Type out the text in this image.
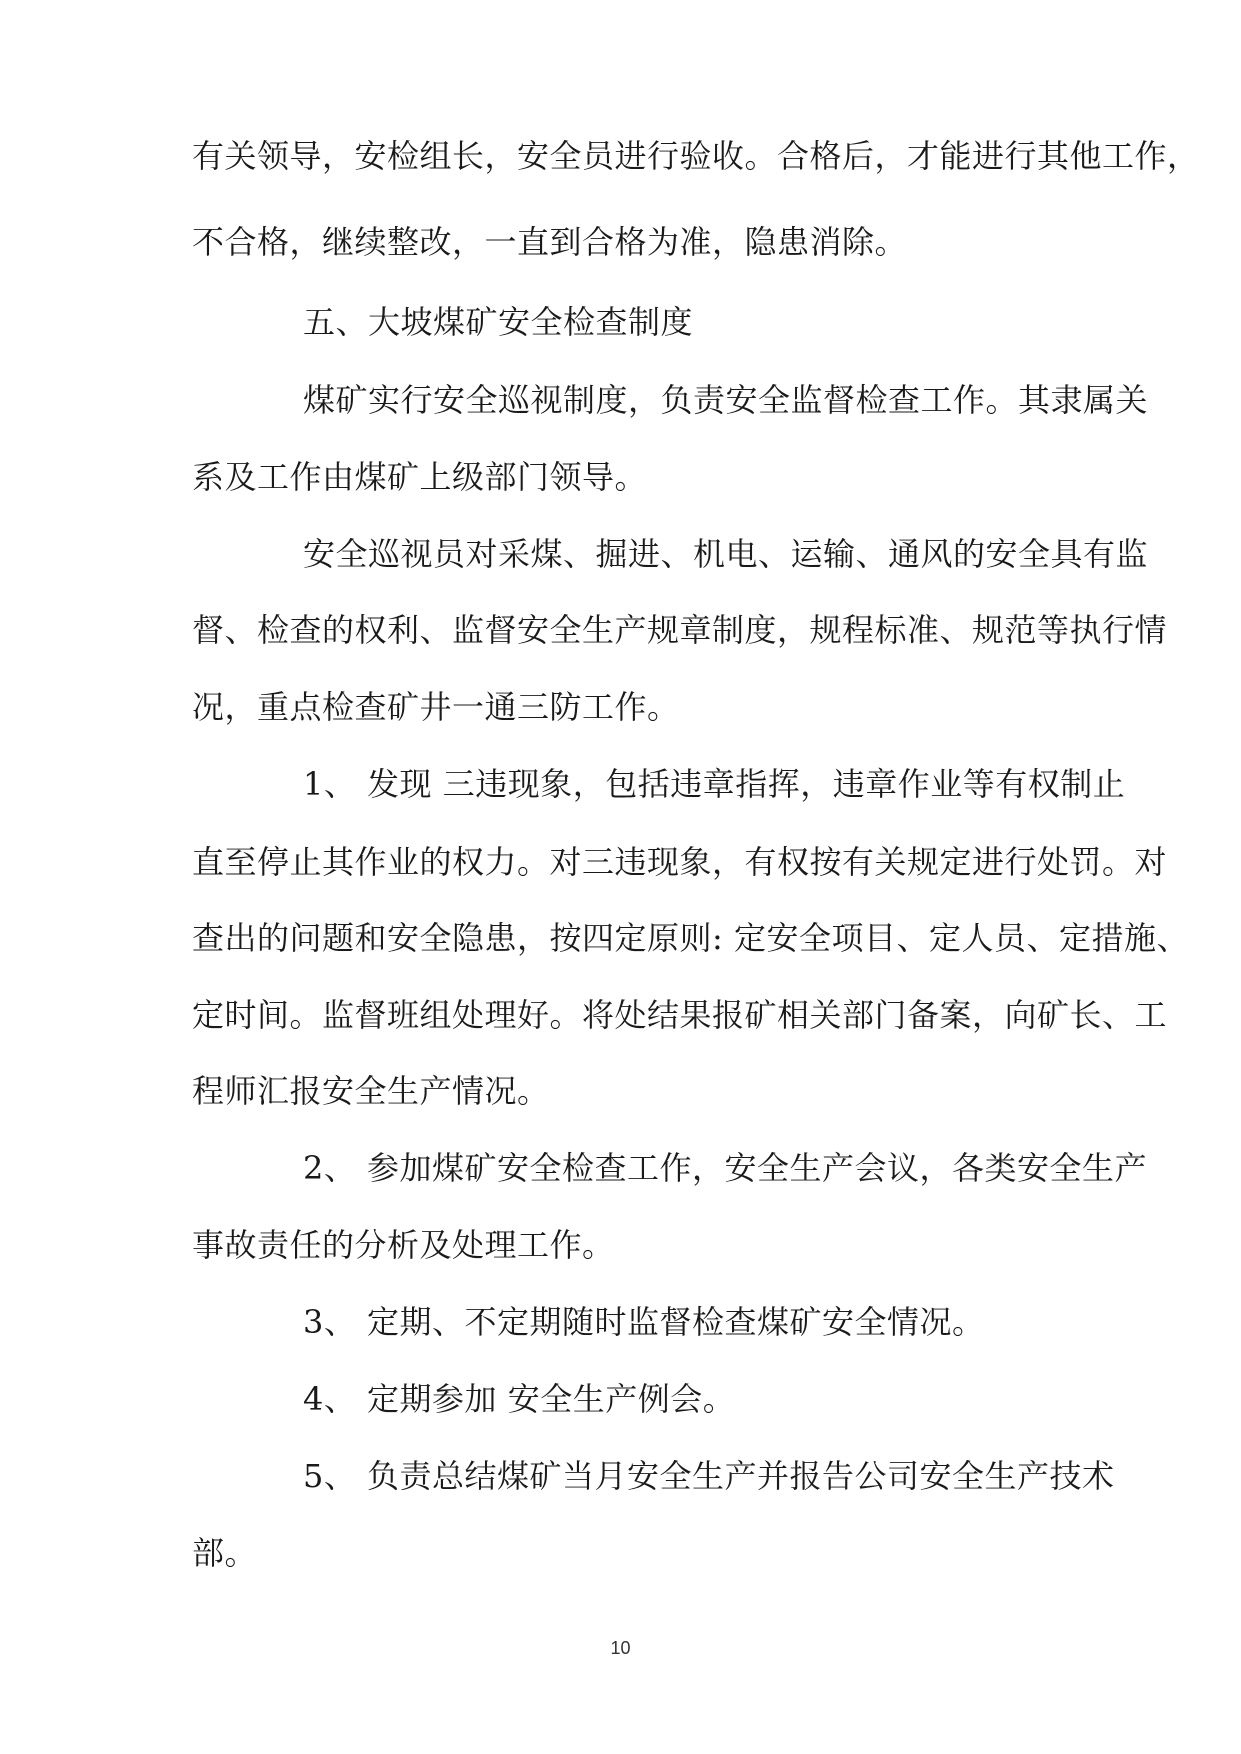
有关领导，安检组长，安全员进行验收。合格后，才能进行其他工作，
不合格，继续整改，一直到合格为准，隐患消除。
五、大坡煤矿安全检查制度
煤矿实行安全巡视制度，负责安全监督检查工作。其隶属关
系及工作由煤矿上级部门领导。
安全巡视员对采煤、掘进、机电、运输、通风的安全具有监
督、检查的权利、监督安全生产规章制度，规程标准、规范等执行情
况，重点检查矿井一通三防工作。
1、 发现 三违现象，包括违章指挥，违章作业等有权制止
直至停止其作业的权力。对三违现象，有权按有关规定进行处罚。对
查出的问题和安全隐患，按四定原则: 定安全项目、定人员、定措施、
定时间。监督班组处理好。将处结果报矿相关部门备案，向矿长、工
程师汇报安全生产情况。
2、 参加煤矿安全检查工作，安全生产会议，各类安全生产
事故责任的分析及处理工作。
3、 定期、不定期随时监督检查煤矿安全情况。
4、 定期参加 安全生产例会。
5、 负责总结煤矿当月安全生产并报告公司安全生产技术
部。
10
